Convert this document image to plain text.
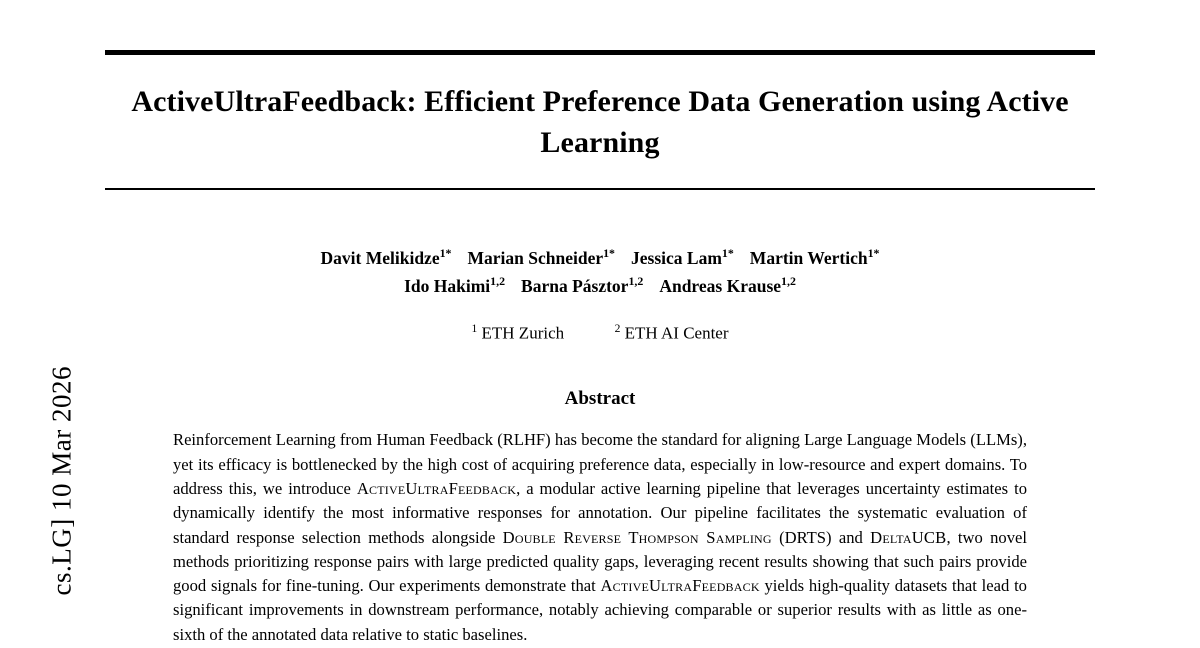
cs.LG] 10 Mar 2026
ActiveUltraFeedback: Efficient Preference Data Generation using Active Learning
Davit Melikidze$^{1*}$ Marian Schneider$^{1*}$ Jessica Lam$^{1*}$ Martin Wertich$^{1*}$
Ido Hakimi$^{1,2}$ Barna Pásztor$^{1,2}$ Andreas Krause$^{1,2}$
$^1$ ETH Zurich	$^2$ ETH AI Center
Abstract
Reinforcement Learning from Human Feedback (RLHF) has become the standard for aligning Large Language Models (LLMs), yet its efficacy is bottlenecked by the high cost of acquiring preference data, especially in low-resource and expert domains. To address this, we introduce ActiveUltraFeedback, a modular active learning pipeline that leverages uncertainty estimates to dynamically identify the most informative responses for annotation. Our pipeline facilitates the systematic evaluation of standard response selection methods alongside Double Reverse Thompson Sampling (DRTS) and DeltaUCB, two novel methods prioritizing response pairs with large predicted quality gaps, leveraging recent results showing that such pairs provide good signals for fine-tuning. Our experiments demonstrate that ActiveUltraFeedback yields high-quality datasets that lead to significant improvements in downstream performance, notably achieving comparable or superior results with as little as one-sixth of the annotated data relative to static baselines.
